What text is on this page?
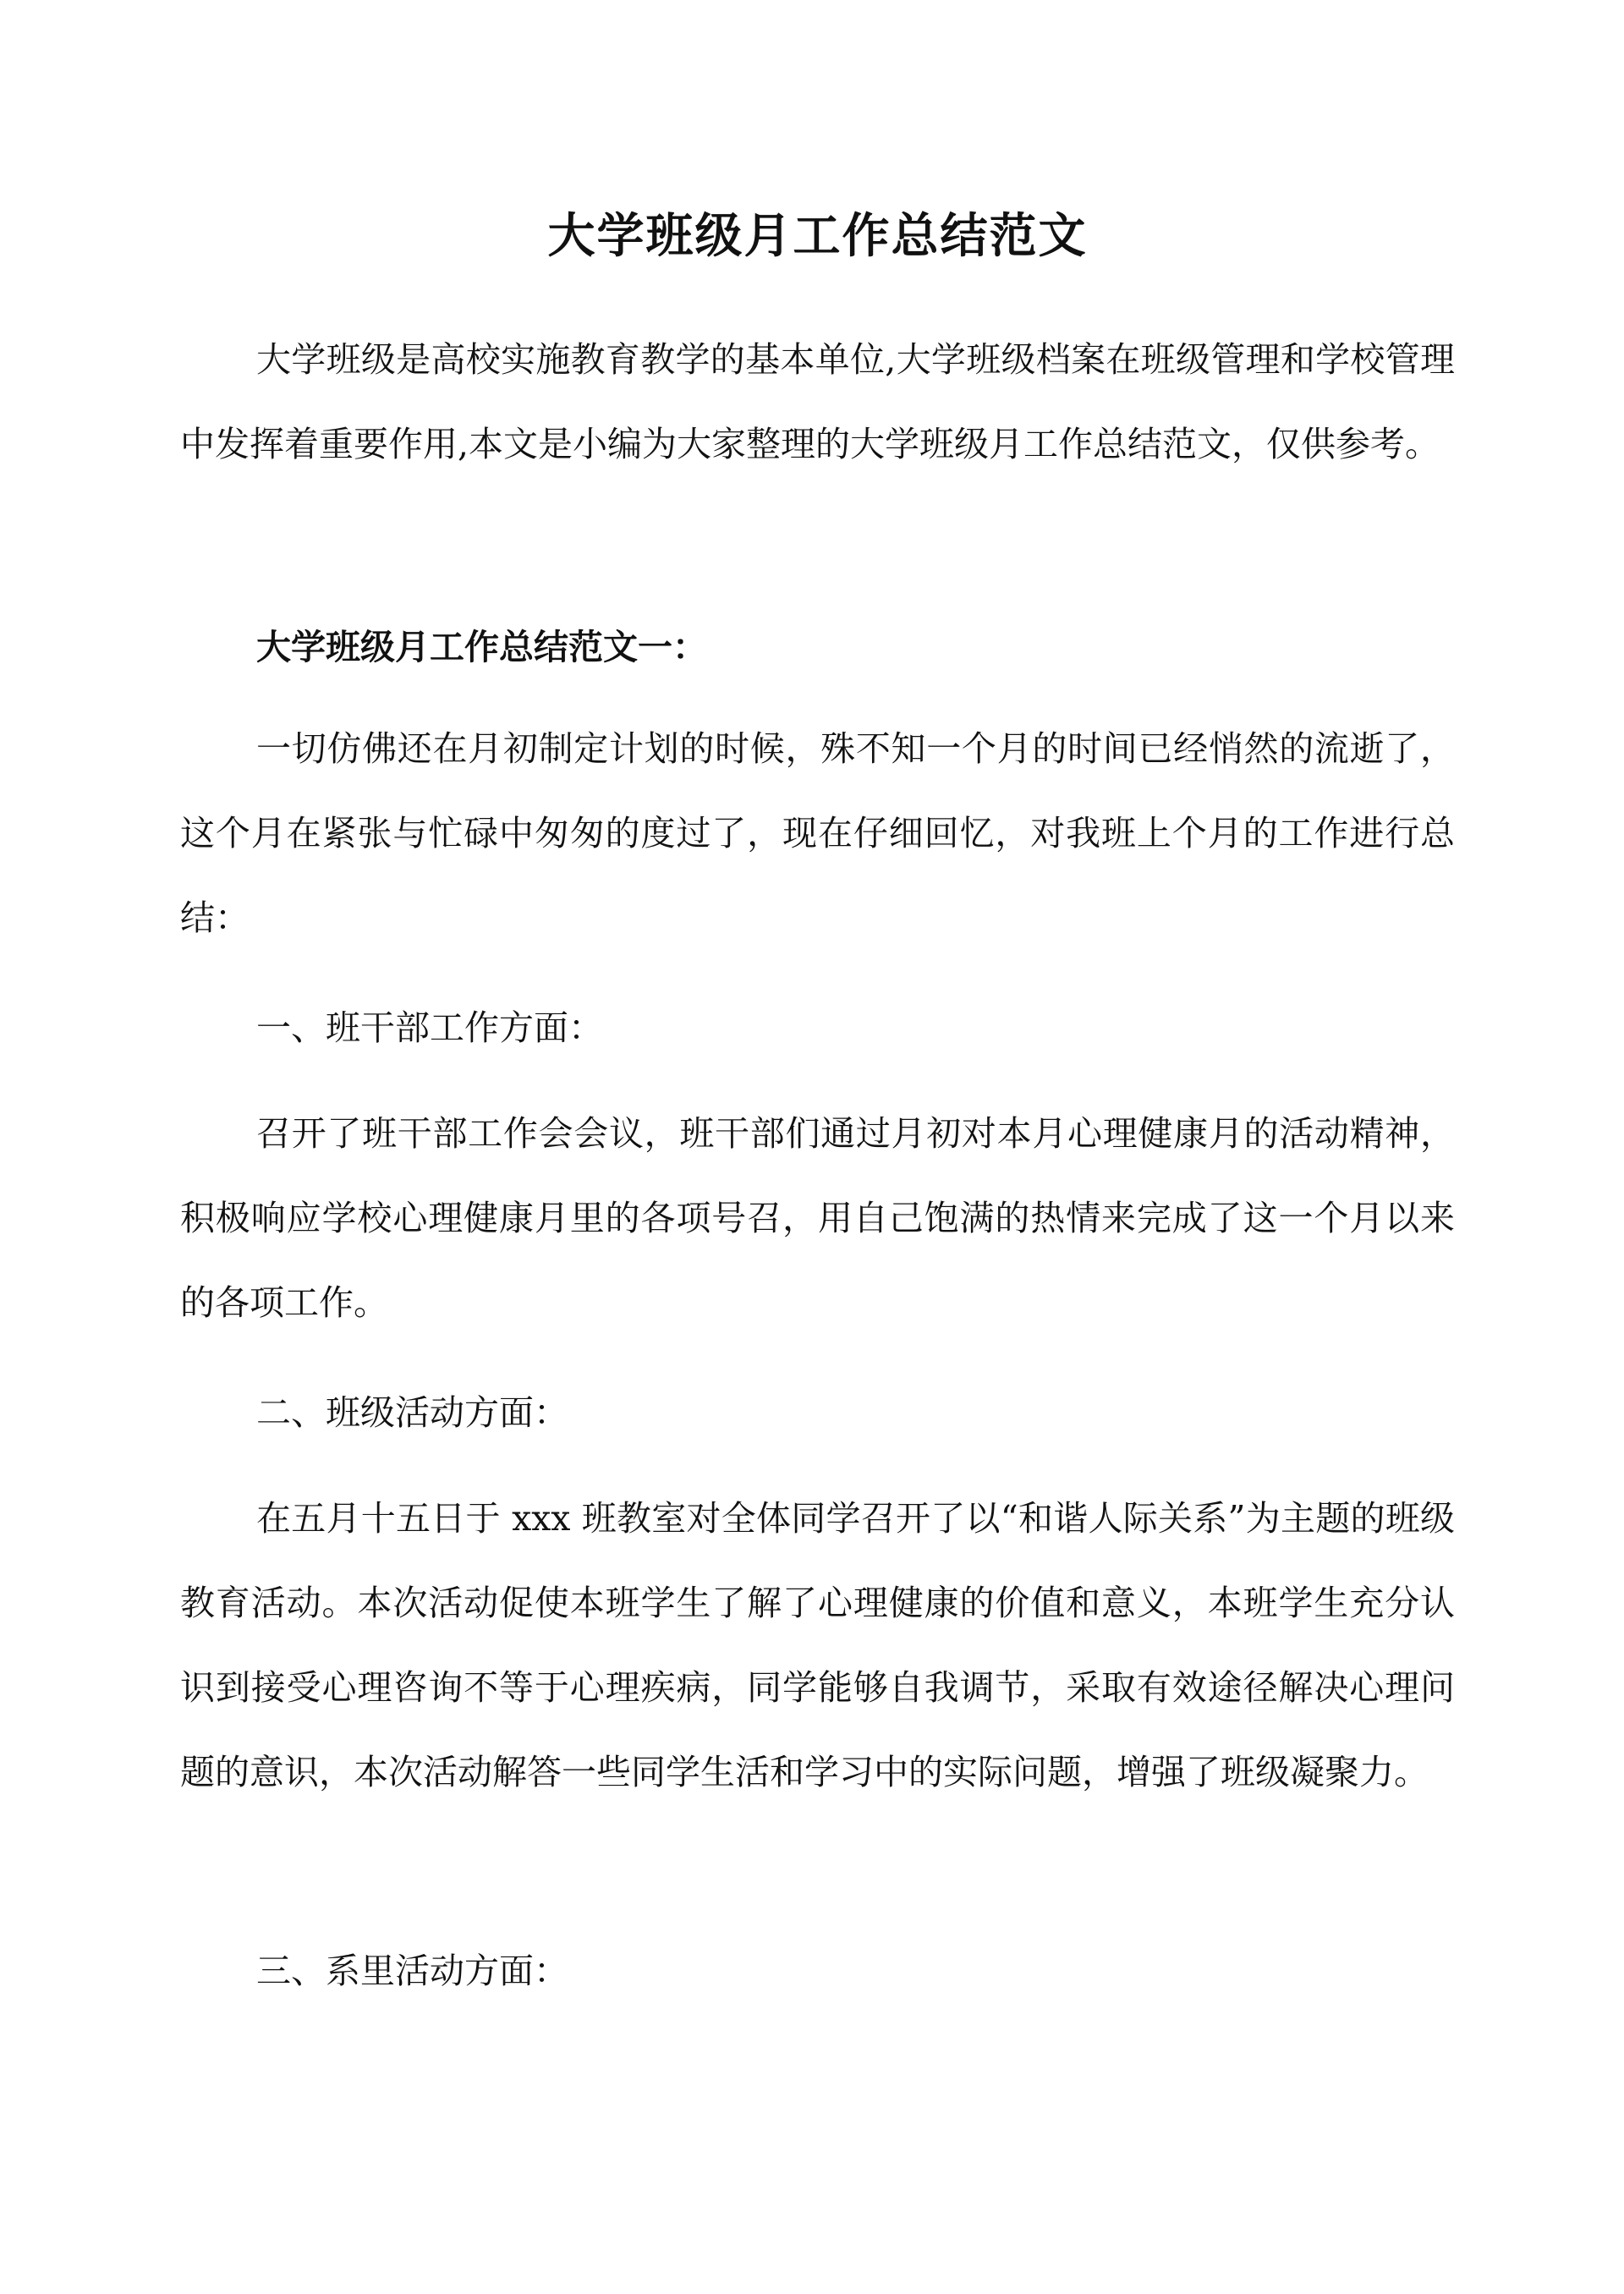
大学班级月工作总结范文

大学班级是高校实施教育教学的基本单位,大学班级档案在班级管理和学校管理中发挥着重要作用,本文是小编为大家整理的大学班级月工作总结范文，仅供参考。

大学班级月工作总结范文一：

一切仿佛还在月初制定计划的时候，殊不知一个月的时间已经悄然的流逝了，这个月在紧张与忙碌中匆匆的度过了，现在仔细回忆，对我班上个月的工作进行总结：

一、班干部工作方面：

召开了班干部工作会会议，班干部们通过月初对本月心理健康月的活动精神，积极响应学校心理健康月里的各项号召，用自己饱满的热情来完成了这一个月以来的各项工作。

二、班级活动方面：

在五月十五日于 xxx 班教室对全体同学召开了以“和谐人际关系”为主题的班级教育活动。本次活动促使本班学生了解了心理健康的价值和意义，本班学生充分认识到接受心理咨询不等于心理疾病，同学能够自我调节，采取有效途径解决心理问题的意识，本次活动解答一些同学生活和学习中的实际问题，增强了班级凝聚力。

三、系里活动方面：
